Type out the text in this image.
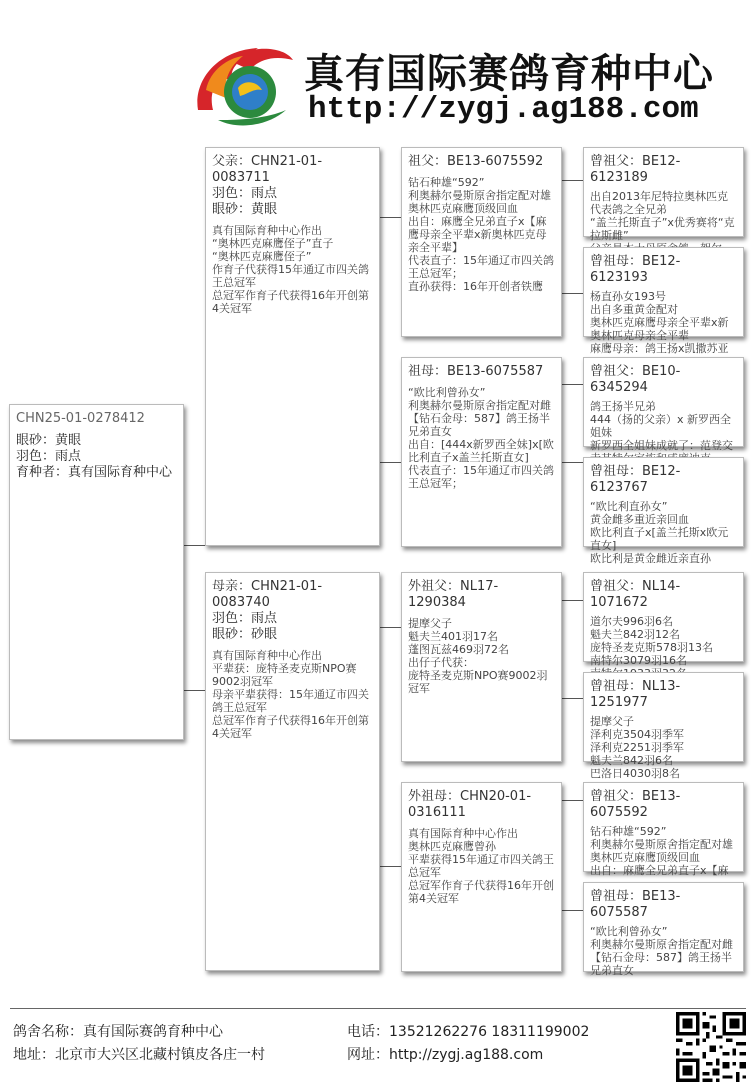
真有国际赛鸽育种中心
http://zygj.ag188.com
CHN25-01-0278412
眼砂：黄眼
羽色：雨点
育种者：真有国际育种中心
父亲：CHN21-01-0083711
羽色：雨点
眼砂：黄眼
真有国际育种中心作出
“奥林匹克麻鹰侄子”直子
“奥林匹克麻鹰侄子”
作育子代获得15年通辽市四关鸽王总冠军
总冠军作育子代获得16年开创第4关冠军
母亲：CHN21-01-0083740
羽色：雨点
眼砂：砂眼
真有国际育种中心作出
平辈获：庞特圣麦克斯NPO赛9002羽冠军
母亲平辈获得：15年通辽市四关鸽王总冠军
总冠军作育子代获得16年开创第4关冠军
祖父：BE13-6075592
钻石种雄“592”
利奥赫尔曼斯原舍指定配对雄
奥林匹克麻鹰顶级回血
出自：麻鹰全兄弟直子x【麻鹰母亲全平辈x新奥林匹克母亲全平辈】
代表直子：15年通辽市四关鸽王总冠军；
直孙获得：16年开创者铁鹰
祖母：BE13-6075587
“欧比利曾孙女”
利奥赫尔曼斯原舍指定配对雌
【钻石金母：587】鸽王扬半兄弟直女
出自：[444x新罗西全妹]x[欧比利直子x盖兰托斯直女]
代表直子：15年通辽市四关鸽王总冠军；
外祖父：NL17-1290384
提摩父子
魁夫兰401羽17名
蓬图瓦兹469羽72名
出仔子代获：
庞特圣麦克斯NPO赛9002羽冠军
外祖母：CHN20-01-0316111
真有国际育种中心作出
奥林匹克麻鹰曾孙
平辈获得15年通辽市四关鸽王总冠军
总冠军作育子代获得16年开创第4关冠军
曾祖父：BE12-6123189
出自2013年尼特拉奥林匹克代表鸽之全兄弟
“盖兰托斯直子”x优秀赛将“克拉斯雌”

曾祖母：BE12-6123193
杨直孙女193号
出自多重黄金配对
奥林匹克麻鹰母亲全平辈x新奥林匹克母亲全平辈
麻鹰母亲：鸽王扬x凯撒苏亚
曾祖父：BE10-6345294
鸽王扬半兄弟
444（扬的父亲）x 新罗西全姐妹
新罗西全姐妹成就了：范登交
曾祖母：BE12-6123767
“欧比利直孙女”
黄金雌多重近亲回血
欧比利直子x[盖兰托斯x欧元直女]
欧比利是黄金雌近亲直孙
曾祖父：NL14-1071672
道尔夫996羽6名
魁夫兰842羽12名
庞特圣麦克斯578羽13名
南特尔3079羽16名

曾祖母：NL13-1251977
提摩父子
泽利克3504羽季军
泽利克2251羽季军
魁夫兰842羽6名
巴洛日4030羽8名
曾祖父：BE13-6075592
钻石种雄“592”
利奥赫尔曼斯原舍指定配对雄
奥林匹克麻鹰顶级回血
出自：麻鹰全兄弟直子x【麻
曾祖母：BE13-6075587
“欧比利曾孙女”
利奥赫尔曼斯原舍指定配对雌
【钻石金母：587】鸽王扬半兄弟直女
鸽舍名称：真有国际赛鸽育种中心
地址：北京市大兴区北藏村镇皮各庄一村
电话：13521262276 18311199002
网址：http://zygj.ag188.com
